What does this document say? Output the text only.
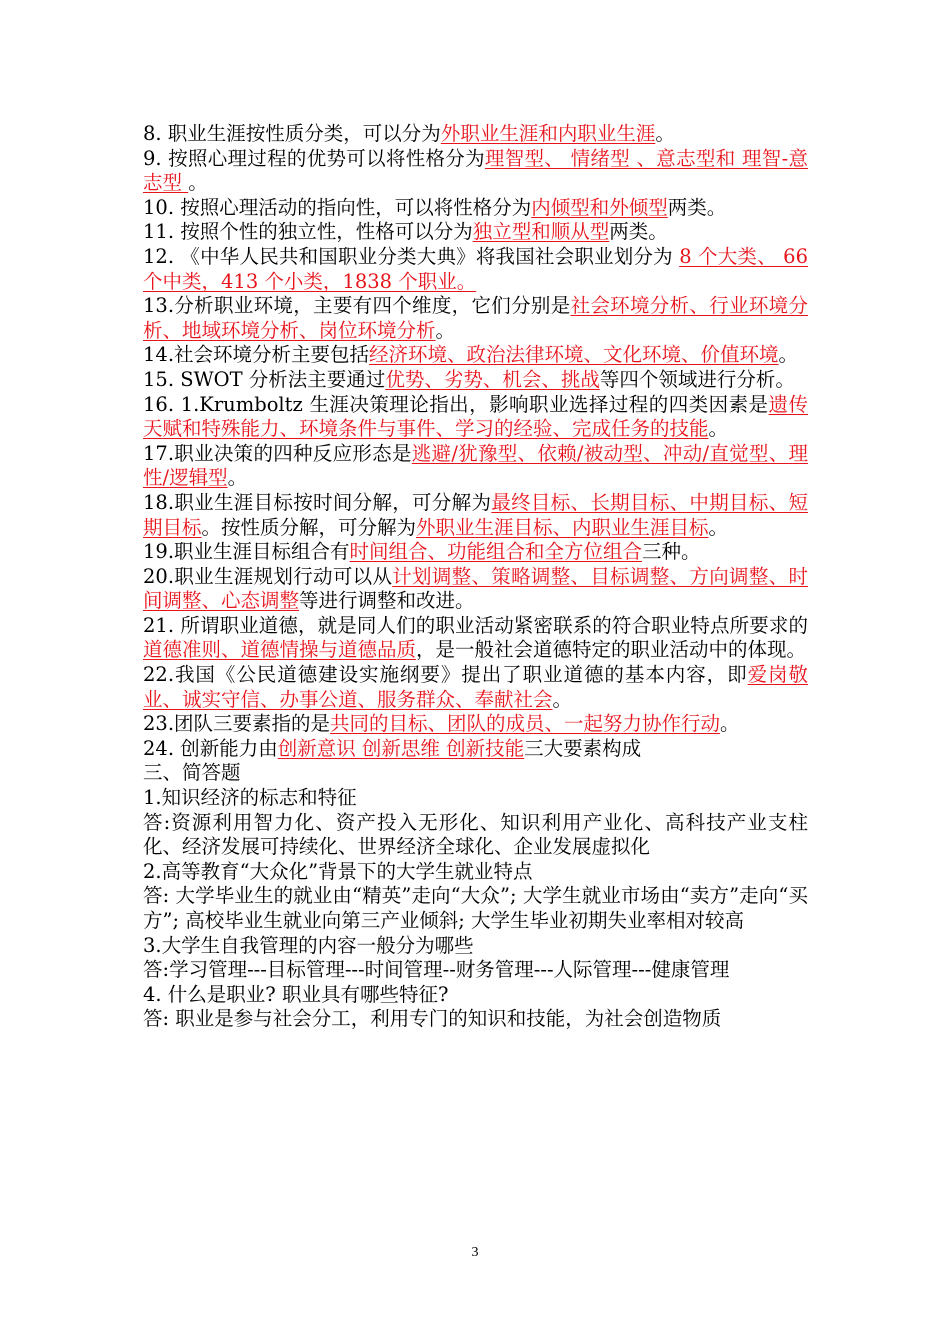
8. 职业生涯按性质分类，可以分为外职业生涯和内职业生涯。

9. 按照心理过程的优势可以将性格分为理智型、 情绪型 、意志型和 理智-意志型 。

10. 按照心理活动的指向性，可以将性格分为内倾型和外倾型两类。

11. 按照个性的独立性，性格可以分为独立型和顺从型两类。

12. 《中华人民共和国职业分类大典》将我国社会职业划分为 8 个大类、 66 个中类，413 个小类，1838 个职业。

13.分析职业环境，主要有四个维度，它们分别是社会环境分析、行业环境分析、地域环境分析、岗位环境分析。

14.社会环境分析主要包括经济环境、政治法律环境、文化环境、价值环境。

15. SWOT 分析法主要通过优势、劣势、机会、挑战等四个领域进行分析。

16. 1.Krumboltz 生涯决策理论指出，影响职业选择过程的四类因素是遗传天赋和特殊能力、环境条件与事件、学习的经验、完成任务的技能。

17.职业决策的四种反应形态是逃避/犹豫型、依赖/被动型、冲动/直觉型、理性/逻辑型。

18.职业生涯目标按时间分解，可分解为最终目标、长期目标、中期目标、短期目标。按性质分解，可分解为外职业生涯目标、内职业生涯目标。

19.职业生涯目标组合有时间组合、功能组合和全方位组合三种。

20.职业生涯规划行动可以从计划调整、策略调整、目标调整、方向调整、时间调整、心态调整等进行调整和改进。

21. 所谓职业道德，就是同人们的职业活动紧密联系的符合职业特点所要求的道德准则、道德情操与道德品质，是一般社会道德特定的职业活动中的体现。

22.我国《公民道德建设实施纲要》提出了职业道德的基本内容，即爱岗敬业、诚实守信、办事公道、服务群众、奉献社会。

23.团队三要素指的是共同的目标、团队的成员、一起努力协作行动。

24. 创新能力由创新意识 创新思维 创新技能三大要素构成

三、简答题

1.知识经济的标志和特征

答:资源利用智力化、资产投入无形化、知识利用产业化、高科技产业支柱化、经济发展可持续化、世界经济全球化、企业发展虚拟化

2.高等教育“大众化”背景下的大学生就业特点

答: 大学毕业生的就业由“精英”走向“大众”; 大学生就业市场由“卖方”走向“买方”; 高校毕业生就业向第三产业倾斜; 大学生毕业初期失业率相对较高

3.大学生自我管理的内容一般分为哪些

答:学习管理---目标管理---时间管理--财务管理---人际管理---健康管理

4. 什么是职业? 职业具有哪些特征?

答: 职业是参与社会分工，利用专门的知识和技能，为社会创造物质

3
